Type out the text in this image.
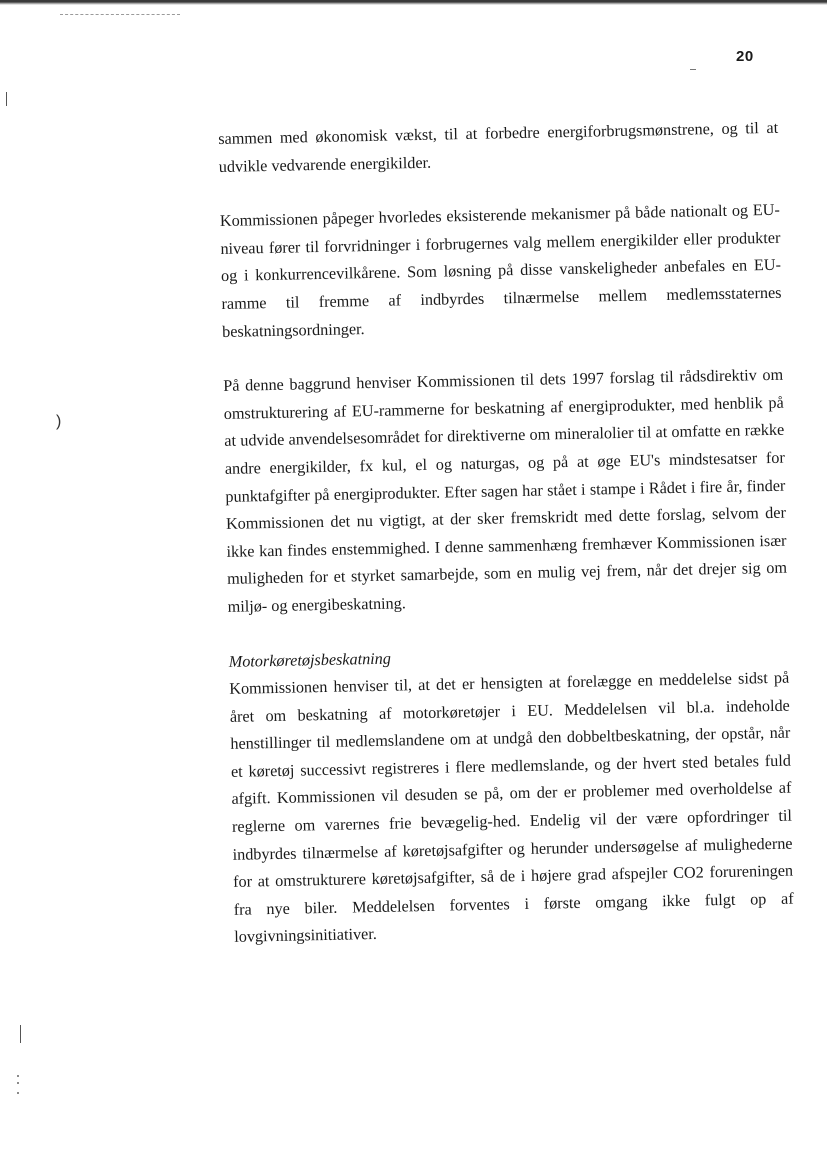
20
)

sammen med økonomisk vækst, til at forbedre energiforbrugsmønstrene, og til at udvikle vedvarende energikilder.

Kommissionen påpeger hvorledes eksisterende mekanismer på både nationalt og EU-niveau fører til forvridninger i forbrugernes valg mellem energikilder eller produkter og i konkurrencevilkårene. Som løsning på disse vanskeligheder anbefales en EU-ramme til fremme af indbyrdes tilnærmelse mellem medlemsstaternes beskatningsordninger.

På denne baggrund henviser Kommissionen til dets 1997 forslag til rådsdirektiv om omstrukturering af EU-rammerne for beskatning af energiprodukter, med henblik på at udvide anvendelsesområdet for direktiverne om mineralolier til at omfatte en række andre energikilder, fx kul, el og naturgas, og på at øge EU's mindstesatser for punktafgifter på energiprodukter. Efter sagen har stået i stampe i Rådet i fire år, finder Kommissionen det nu vigtigt, at der sker fremskridt med dette forslag, selvom der ikke kan findes enstemmighed. I denne sammenhæng fremhæver Kommissionen især muligheden for et styrket samarbejde, som en mulig vej frem, når det drejer sig om miljø- og energibeskatning.

Motorkøretøjsbeskatning

Kommissionen henviser til, at det er hensigten at forelægge en meddelelse sidst på året om beskatning af motorkøretøjer i EU. Meddelelsen vil bl.a. indeholde henstillinger til medlemslandene om at undgå den dobbeltbeskatning, der opstår, når et køretøj successivt registreres i flere medlemslande, og der hvert sted betales fuld afgift. Kommissionen vil desuden se på, om der er problemer med overholdelse af reglerne om varernes frie bevægelig-hed. Endelig vil der være opfordringer til indbyrdes tilnærmelse af køretøjsafgifter og herunder undersøgelse af mulighederne for at omstrukturere køretøjsafgifter, så de i højere grad afspejler CO2 forureningen fra nye biler. Meddelelsen forventes i første omgang ikke fulgt op af lovgivningsinitiativer.
